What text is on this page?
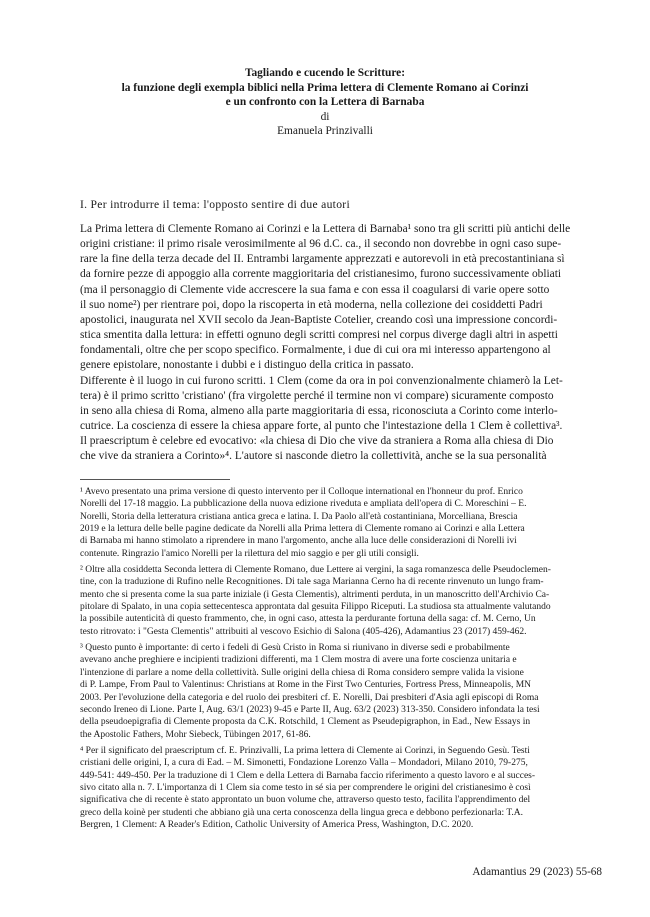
Tagliando e cucendo le Scritture:
la funzione degli exempla biblici nella Prima lettera di Clemente Romano ai Corinzi
e un confronto con la Lettera di Barnaba
di
Emanuela Prinzivalli
I. Per introdurre il tema: l'opposto sentire di due autori
La Prima lettera di Clemente Romano ai Corinzi e la Lettera di Barnaba¹ sono tra gli scritti più antichi delle
origini cristiane: il primo risale verosimilmente al 96 d.C. ca., il secondo non dovrebbe in ogni caso supe-
rare la fine della terza decade del II. Entrambi largamente apprezzati e autorevoli in età precostantiniana sì
da fornire pezze di appoggio alla corrente maggioritaria del cristianesimo, furono successivamente obliati
(ma il personaggio di Clemente vide accrescere la sua fama e con essa il coagularsi di varie opere sotto
il suo nome²) per rientrare poi, dopo la riscoperta in età moderna, nella collezione dei cosiddetti Padri
apostolici, inaugurata nel XVII secolo da Jean-Baptiste Cotelier, creando così una impressione concordi-
stica smentita dalla lettura: in effetti ognuno degli scritti compresi nel corpus diverge dagli altri in aspetti
fondamentali, oltre che per scopo specifico. Formalmente, i due di cui ora mi interesso appartengono al
genere epistolare, nonostante i dubbi e i distinguo della critica in passato.
Differente è il luogo in cui furono scritti. 1 Clem (come da ora in poi convenzionalmente chiamerò la Let-
tera) è il primo scritto 'cristiano' (fra virgolette perché il termine non vi compare) sicuramente composto
in seno alla chiesa di Roma, almeno alla parte maggioritaria di essa, riconosciuta a Corinto come interlo-
cutrice. La coscienza di essere la chiesa appare forte, al punto che l'intestazione della 1 Clem è collettiva³.
Il praescriptum è celebre ed evocativo: «la chiesa di Dio che vive da straniera a Roma alla chiesa di Dio
che vive da straniera a Corinto»⁴. L'autore si nasconde dietro la collettività, anche se la sua personalità
¹ Avevo presentato una prima versione di questo intervento per il Colloque international en l'honneur du prof. Enrico
Norelli del 17-18 maggio. La pubblicazione della nuova edizione riveduta e ampliata dell'opera di C. Moreschini – E.
Norelli, Storia della letteratura cristiana antica greca e latina. I. Da Paolo all'età costantiniana, Morcelliana, Brescia
2019 e la lettura delle belle pagine dedicate da Norelli alla Prima lettera di Clemente romano ai Corinzi e alla Lettera
di Barnaba mi hanno stimolato a riprendere in mano l'argomento, anche alla luce delle considerazioni di Norelli ivi
contenute. Ringrazio l'amico Norelli per la rilettura del mio saggio e per gli utili consigli.
² Oltre alla cosiddetta Seconda lettera di Clemente Romano, due Lettere ai vergini, la saga romanzesca delle Pseudoclemen-
tine, con la traduzione di Rufino nelle Recognitiones. Di tale saga Marianna Cerno ha di recente rinvenuto un lungo fram-
mento che si presenta come la sua parte iniziale (i Gesta Clementis), altrimenti perduta, in un manoscritto dell'Archivio Ca-
pitolare di Spalato, in una copia settecentesca approntata dal gesuita Filippo Riceputi. La studiosa sta attualmente valutando
la possibile autenticità di questo frammento, che, in ogni caso, attesta la perdurante fortuna della saga: cf. M. Cerno, Un
testo ritrovato: i "Gesta Clementis" attribuiti al vescovo Esichio di Salona (405-426), Adamantius 23 (2017) 459-462.
³ Questo punto è importante: di certo i fedeli di Gesù Cristo in Roma si riunivano in diverse sedi e probabilmente
avevano anche preghiere e incipienti tradizioni differenti, ma 1 Clem mostra di avere una forte coscienza unitaria e
l'intenzione di parlare a nome della collettività. Sulle origini della chiesa di Roma considero sempre valida la visione
di P. Lampe, From Paul to Valentinus: Christians at Rome in the First Two Centuries, Fortress Press, Minneapolis, MN
2003. Per l'evoluzione della categoria e del ruolo dei presbiteri cf. E. Norelli, Dai presbiteri d'Asia agli episcopi di Roma
secondo Ireneo di Lione. Parte I, Aug. 63/1 (2023) 9-45 e Parte II, Aug. 63/2 (2023) 313-350. Considero infondata la tesi
della pseudoepigrafia di Clemente proposta da C.K. Rotschild, 1 Clement as Pseudepigraphon, in Ead., New Essays in
the Apostolic Fathers, Mohr Siebeck, Tübingen 2017, 61-86.
⁴ Per il significato del praescriptum cf. E. Prinzivalli, La prima lettera di Clemente ai Corinzi, in Seguendo Gesù. Testi
cristiani delle origini, I, a cura di Ead. – M. Simonetti, Fondazione Lorenzo Valla – Mondadori, Milano 2010, 79-275,
449-541: 449-450. Per la traduzione di 1 Clem e della Lettera di Barnaba faccio riferimento a questo lavoro e al succes-
sivo citato alla n. 7. L'importanza di 1 Clem sia come testo in sé sia per comprendere le origini del cristianesimo è così
significativa che di recente è stato approntato un buon volume che, attraverso questo testo, facilita l'apprendimento del
greco della koinè per studenti che abbiano già una certa conoscenza della lingua greca e debbono perfezionarla: T.A.
Bergren, 1 Clement: A Reader's Edition, Catholic University of America Press, Washington, D.C. 2020.
Adamantius 29 (2023) 55-68
